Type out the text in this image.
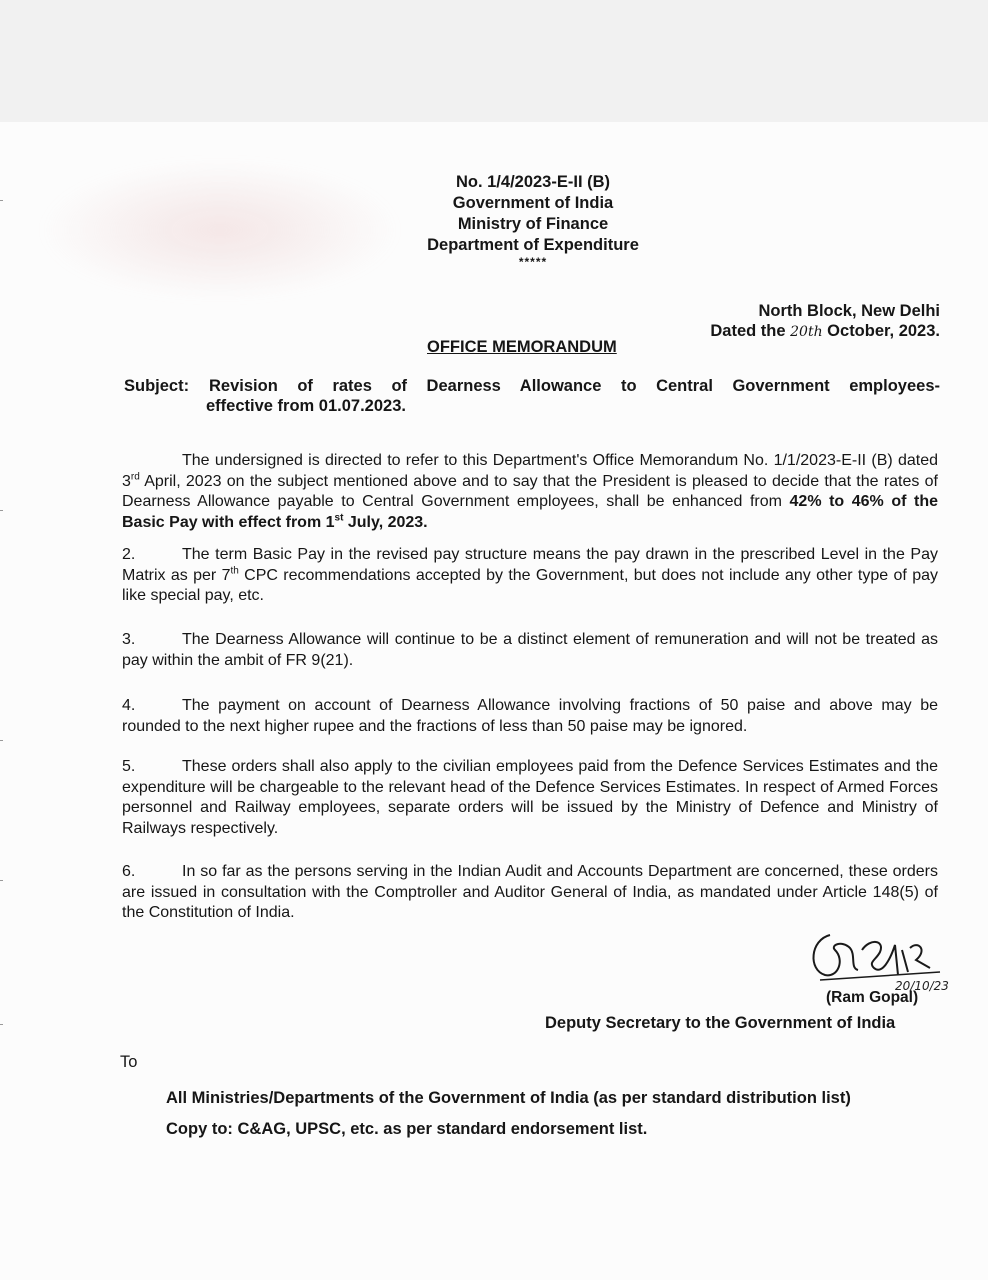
No. 1/4/2023-E-II (B)
Government of India
Ministry of Finance
Department of Expenditure
*****
North Block, New Delhi
Dated the 20th October, 2023.
OFFICE MEMORANDUM
Subject: Revision of rates of Dearness Allowance to Central Government employees-
effective from 01.07.2023.
The undersigned is directed to refer to this Department's Office Memorandum No. 1/1/2023-E-II (B) dated 3rd April, 2023 on the subject mentioned above and to say that the President is pleased to decide that the rates of Dearness Allowance payable to Central Government employees, shall be enhanced from 42% to 46% of the Basic Pay with effect from 1st July, 2023.
2.	The term Basic Pay in the revised pay structure means the pay drawn in the prescribed Level in the Pay Matrix as per 7th CPC recommendations accepted by the Government, but does not include any other type of pay like special pay, etc.
3.	The Dearness Allowance will continue to be a distinct element of remuneration and will not be treated as pay within the ambit of FR 9(21).
4.	The payment on account of Dearness Allowance involving fractions of 50 paise and above may be rounded to the next higher rupee and the fractions of less than 50 paise may be ignored.
5.	These orders shall also apply to the civilian employees paid from the Defence Services Estimates and the expenditure will be chargeable to the relevant head of the Defence Services Estimates. In respect of Armed Forces personnel and Railway employees, separate orders will be issued by the Ministry of Defence and Ministry of Railways respectively.
6.	In so far as the persons serving in the Indian Audit and Accounts Department are concerned, these orders are issued in consultation with the Comptroller and Auditor General of India, as mandated under Article 148(5) of the Constitution of India.
20/10/23
(Ram Gopal)
Deputy Secretary to the Government of India
To
All Ministries/Departments of the Government of India (as per standard distribution list)
Copy to: C&AG, UPSC, etc. as per standard endorsement list.
